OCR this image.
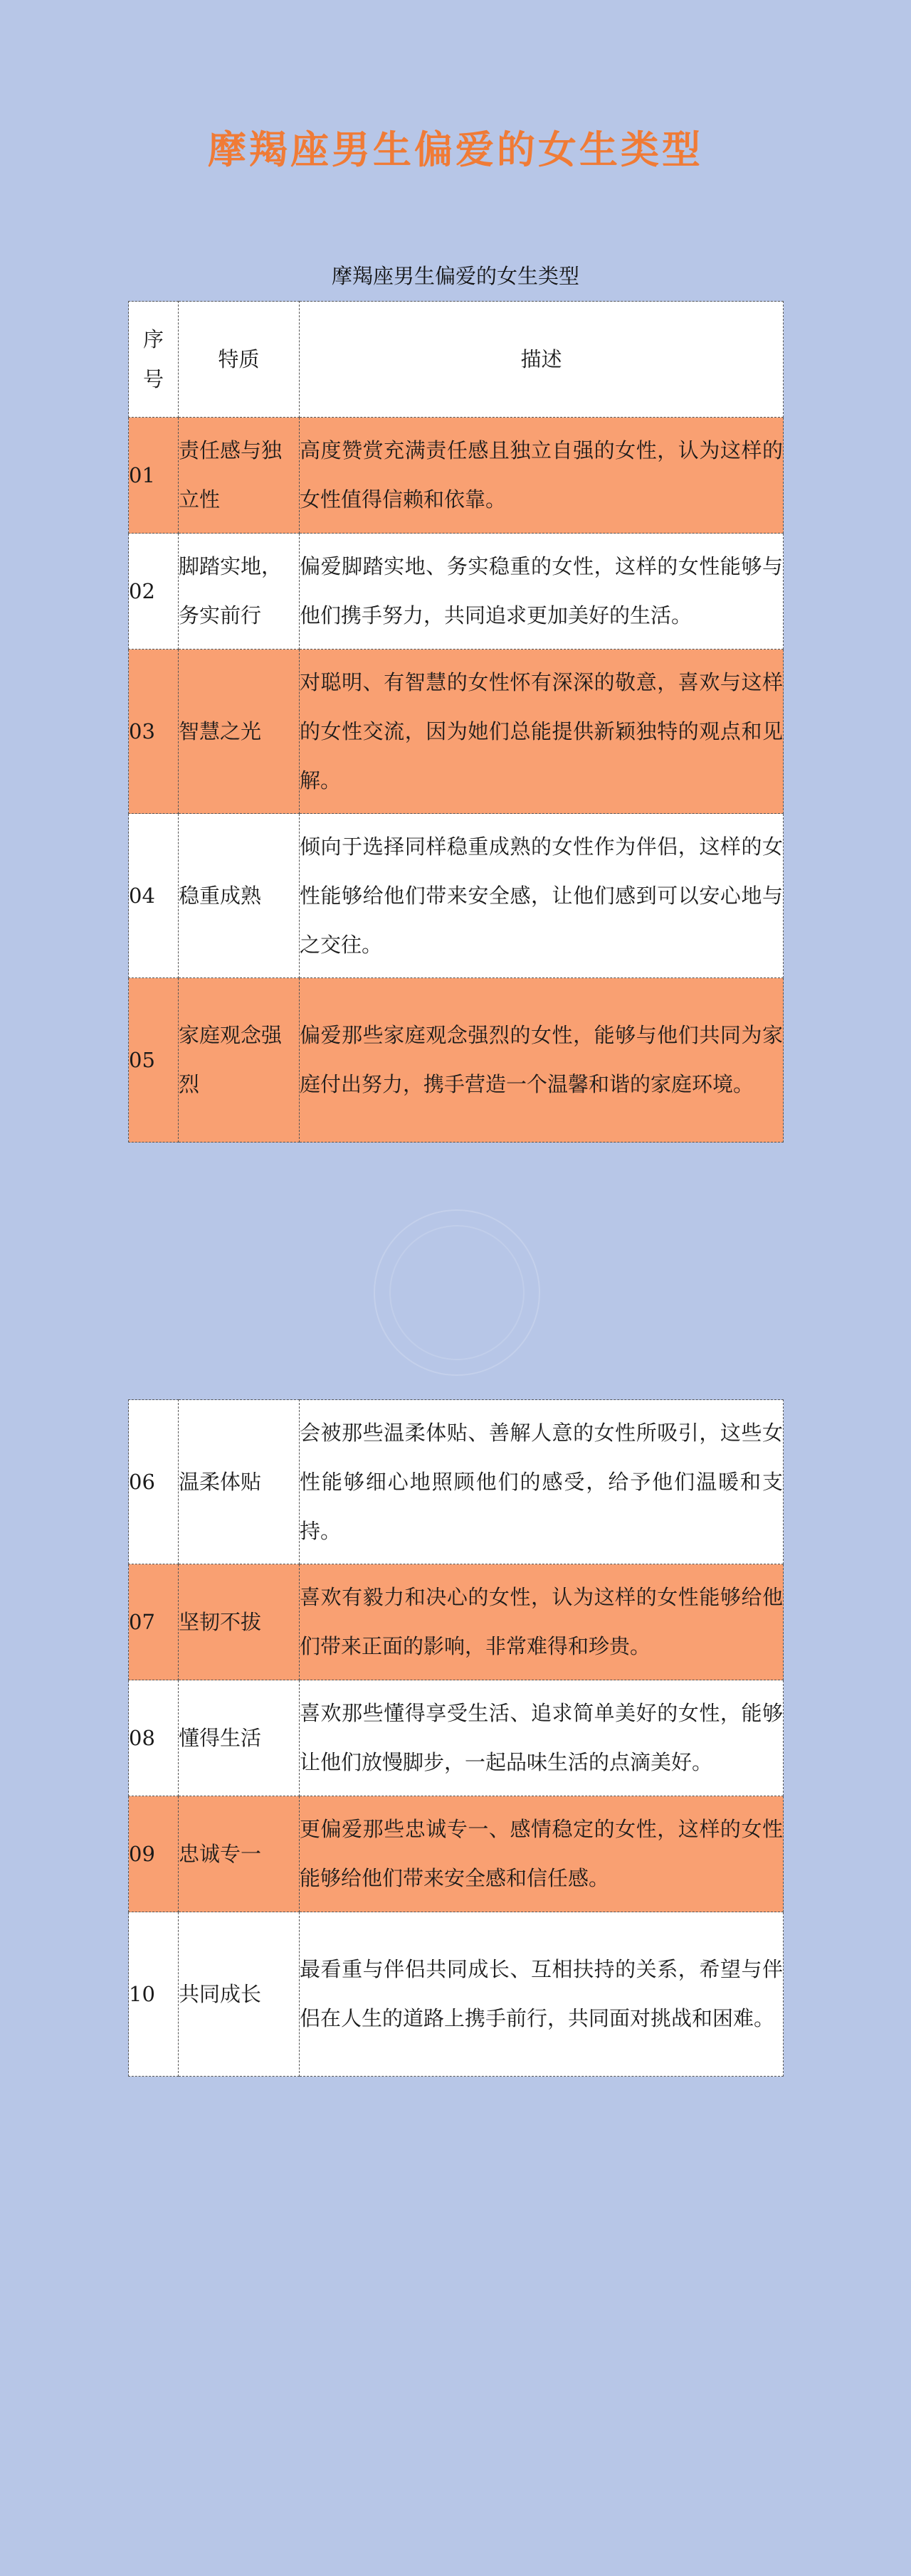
摩羯座男生偏爱的女生类型
摩羯座男生偏爱的女生类型
序号	特质	描述
01	责任感与独立性	高度赞赏充满责任感且独立自强的女性，认为这样的女性值得信赖和依靠。
02	脚踏实地，务实前行	偏爱脚踏实地、务实稳重的女性，这样的女性能够与他们携手努力，共同追求更加美好的生活。
03	智慧之光	对聪明、有智慧的女性怀有深深的敬意，喜欢与这样的女性交流，因为她们总能提供新颖独特的观点和见解。
04	稳重成熟	倾向于选择同样稳重成熟的女性作为伴侣，这样的女性能够给他们带来安全感，让他们感到可以安心地与之交往。
05	家庭观念强烈	偏爱那些家庭观念强烈的女性，能够与他们共同为家庭付出努力，携手营造一个温馨和谐的家庭环境。
06	温柔体贴	会被那些温柔体贴、善解人意的女性所吸引，这些女性能够细心地照顾他们的感受，给予他们温暖和支持。
07	坚韧不拔	喜欢有毅力和决心的女性，认为这样的女性能够给他们带来正面的影响，非常难得和珍贵。
08	懂得生活	喜欢那些懂得享受生活、追求简单美好的女性，能够让他们放慢脚步，一起品味生活的点滴美好。
09	忠诚专一	更偏爱那些忠诚专一、感情稳定的女性，这样的女性能够给他们带来安全感和信任感。
10	共同成长	最看重与伴侣共同成长、互相扶持的关系，希望与伴侣在人生的道路上携手前行，共同面对挑战和困难。
